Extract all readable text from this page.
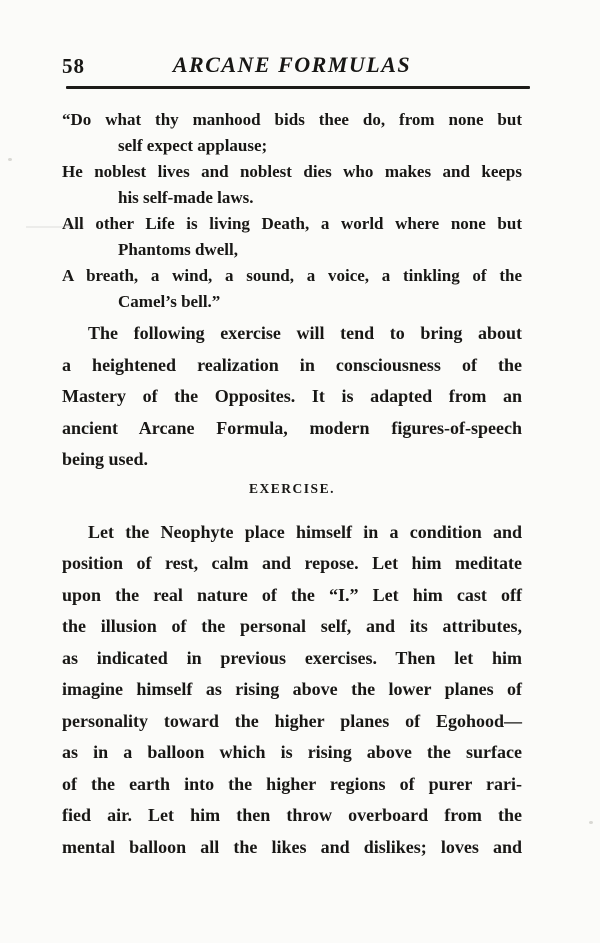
58	ARCANE FORMULAS
“Do what thy manhood bids thee do, from none but
self expect applause;
He noblest lives and noblest dies who makes and keeps
his self-made laws.
All other Life is living Death, a world where none but
Phantoms dwell,
A breath, a wind, a sound, a voice, a tinkling of the
Camel’s bell.”
The following exercise will tend to bring about
a heightened realization in consciousness of the
Mastery of the Opposites. It is adapted from an
ancient Arcane Formula, modern figures-of-speech
being used.
EXERCISE.
Let the Neophyte place himself in a condition and
position of rest, calm and repose. Let him meditate
upon the real nature of the “I.” Let him cast off
the illusion of the personal self, and its attributes,
as indicated in previous exercises. Then let him
imagine himself as rising above the lower planes of
personality toward the higher planes of Egohood—
as in a balloon which is rising above the surface
of the earth into the higher regions of purer rari-
fied air. Let him then throw overboard from the
mental balloon all the likes and dislikes; loves and
